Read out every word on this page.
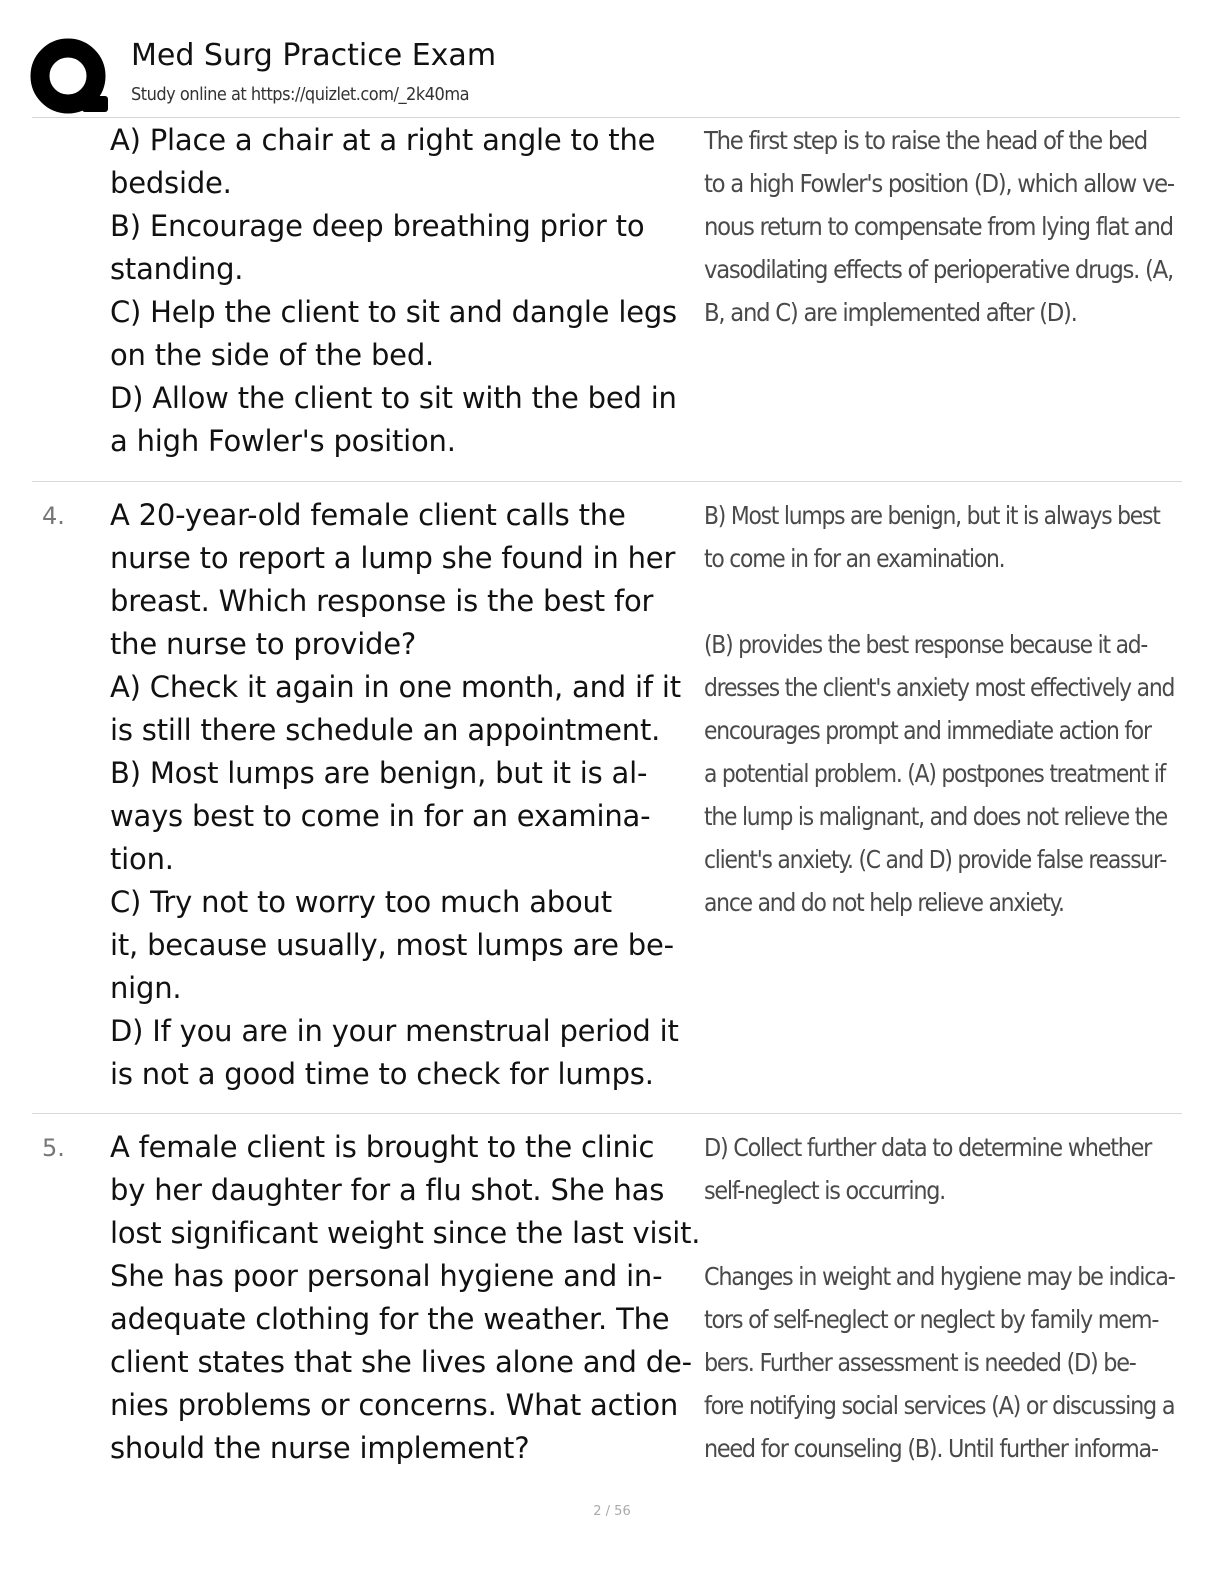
Med Surg Practice Exam
Study online at https://quizlet.com/_2k40ma
A) Place a chair at a right angle to the
bedside.
B) Encourage deep breathing prior to
standing.
C) Help the client to sit and dangle legs
on the side of the bed.
D) Allow the client to sit with the bed in
a high Fowler's position.
The first step is to raise the head of the bed
to a high Fowler's position (D), which allow ve-
nous return to compensate from lying flat and
vasodilating effects of perioperative drugs. (A,
B, and C) are implemented after (D).
4. A 20-year-old female client calls the
nurse to report a lump she found in her
breast. Which response is the best for
the nurse to provide?
A) Check it again in one month, and if it
is still there schedule an appointment.
B) Most lumps are benign, but it is al-
ways best to come in for an examina-
tion.
C) Try not to worry too much about
it, because usually, most lumps are be-
nign.
D) If you are in your menstrual period it
is not a good time to check for lumps.
B) Most lumps are benign, but it is always best
to come in for an examination.

(B) provides the best response because it ad-
dresses the client's anxiety most effectively and
encourages prompt and immediate action for
a potential problem. (A) postpones treatment if
the lump is malignant, and does not relieve the
client's anxiety. (C and D) provide false reassur-
ance and do not help relieve anxiety.
5. A female client is brought to the clinic
by her daughter for a flu shot. She has
lost significant weight since the last visit.
She has poor personal hygiene and in-
adequate clothing for the weather. The
client states that she lives alone and de-
nies problems or concerns. What action
should the nurse implement?
D) Collect further data to determine whether
self-neglect is occurring.

Changes in weight and hygiene may be indica-
tors of self-neglect or neglect by family mem-
bers. Further assessment is needed (D) be-
fore notifying social services (A) or discussing a
need for counseling (B). Until further informa-
2 / 56
